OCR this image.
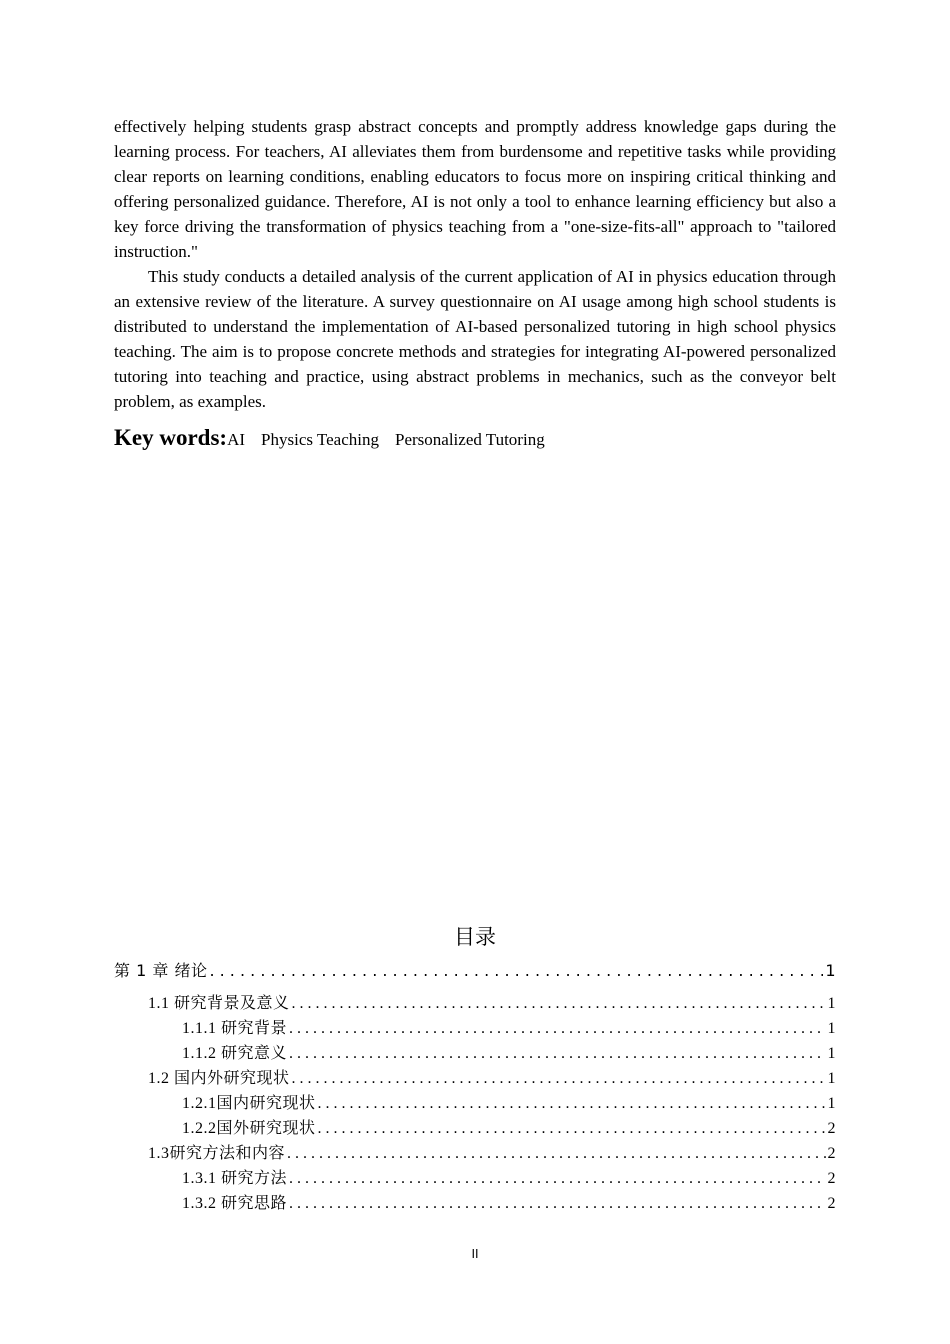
effectively helping students grasp abstract concepts and promptly address knowledge gaps during the learning process. For teachers, AI alleviates them from burdensome and repetitive tasks while providing clear reports on learning conditions, enabling educators to focus more on inspiring critical thinking and offering personalized guidance. Therefore, AI is not only a tool to enhance learning efficiency but also a key force driving the transformation of physics teaching from a "one-size-fits-all" approach to "tailored instruction."

This study conducts a detailed analysis of the current application of AI in physics education through an extensive review of the literature. A survey questionnaire on AI usage among high school students is distributed to understand the implementation of AI-based personalized tutoring in high school physics teaching. The aim is to propose concrete methods and strategies for integrating AI-powered personalized tutoring into teaching and practice, using abstract problems in mechanics, such as the conveyor belt problem, as examples.

Key words:AI Physics Teaching Personalized Tutoring
目录
第 1 章 绪论 . . .	1
1.1 研究背景及意义 . . .	1
1.1.1 研究背景 . . .	1
1.1.2 研究意义 . . .	1
1.2 国内外研究现状 . . .	1
1.2.1国内研究现状 . . .	1
1.2.2国外研究现状 . . .	2
1.3研究方法和内容 . . .	2
1.3.1 研究方法 . . .	2
1.3.2 研究思路 . . .	2
II
